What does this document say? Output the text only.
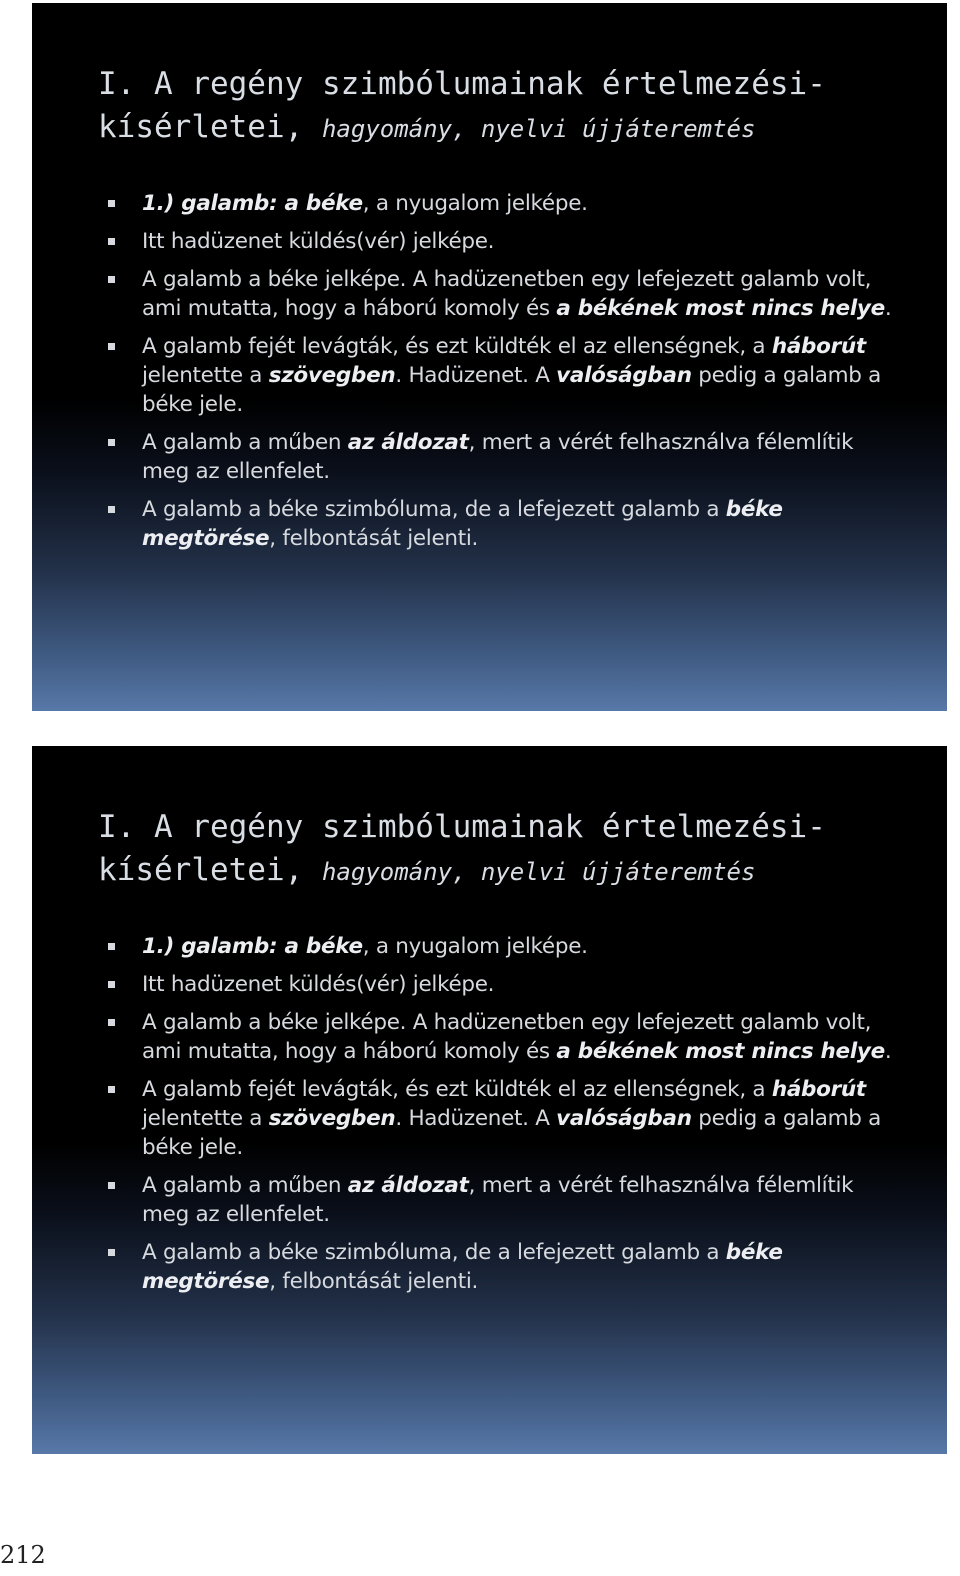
I. A regény szimbólumainak értelmezési-kísérletei, hagyomány, nyelvi újjáteremtés
1.) galamb: a béke, a nyugalom jelképe.
Itt hadüzenet küldés(vér) jelképe.
A galamb a béke jelképe. A hadüzenetben egy lefejezett galamb volt, ami mutatta, hogy a háború komoly és a békének most nincs helye.
A galamb fejét levágták, és ezt küldték el az ellenségnek, a háborút jelentette a szövegben. Hadüzenet. A valóságban pedig a galamb a béke jele.
A galamb a műben az áldozat, mert a vérét felhasználva félemlítik meg az ellenfelet.
A galamb a béke szimbóluma, de a lefejezett galamb a béke megtörése, felbontását jelenti.
I. A regény szimbólumainak értelmezési-kísérletei, hagyomány, nyelvi újjáteremtés
1.) galamb: a béke, a nyugalom jelképe.
Itt hadüzenet küldés(vér) jelképe.
A galamb a béke jelképe. A hadüzenetben egy lefejezett galamb volt, ami mutatta, hogy a háború komoly és a békének most nincs helye.
A galamb fejét levágták, és ezt küldték el az ellenségnek, a háborút jelentette a szövegben. Hadüzenet. A valóságban pedig a galamb a béke jele.
A galamb a műben az áldozat, mert a vérét felhasználva félemlítik meg az ellenfelet.
A galamb a béke szimbóluma, de a lefejezett galamb a béke megtörése, felbontását jelenti.
212
